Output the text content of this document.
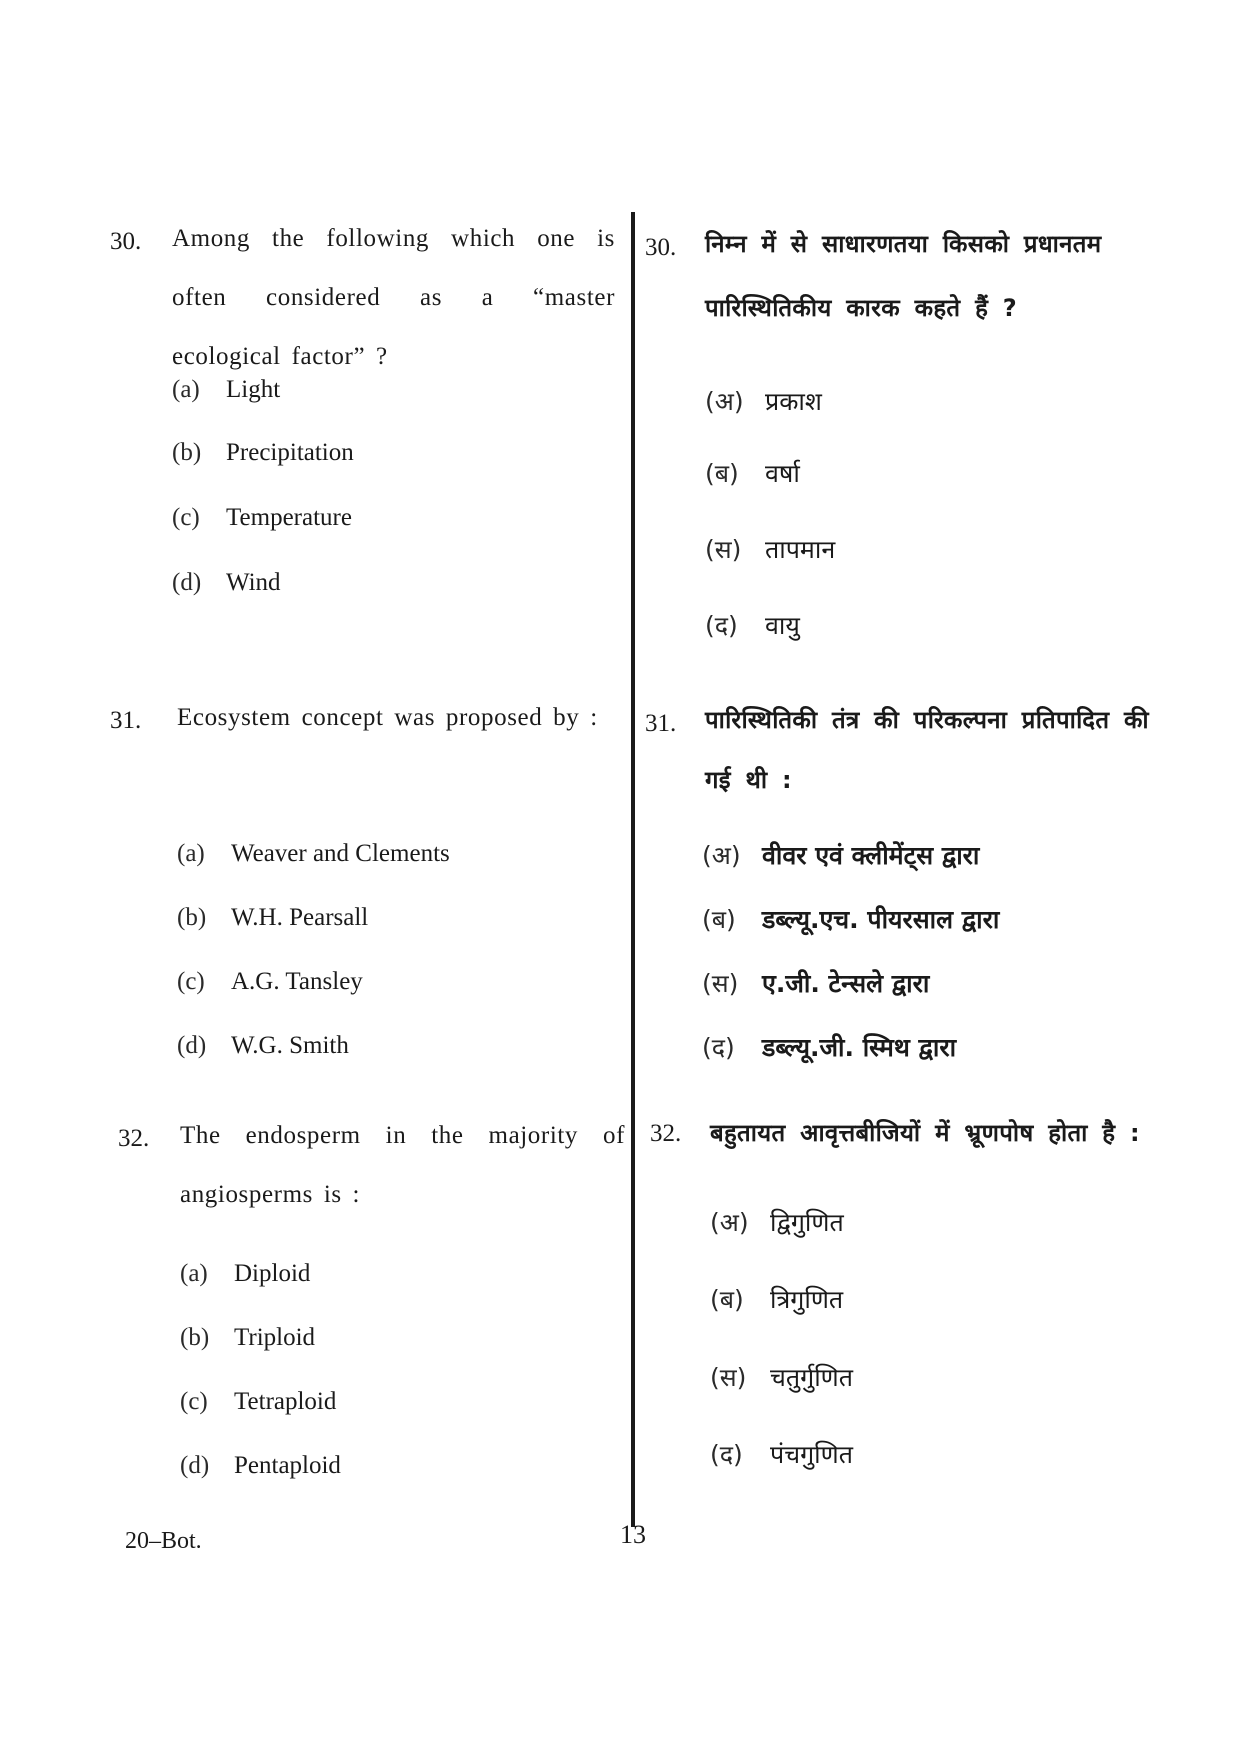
30. Among the following which one is often considered as a “master ecological factor” ?
(a) Light
(b) Precipitation
(c) Temperature
(d) Wind
31. Ecosystem concept was proposed by :
(a) Weaver and Clements
(b) W.H. Pearsall
(c) A.G. Tansley
(d) W.G. Smith
32. The endosperm in the majority of angiosperms is :
(a) Diploid
(b) Triploid
(c) Tetraploid
(d) Pentaploid
30. निम्न में से साधारणतया किसको प्रधानतम पारिस्थितिकीय कारक कहते हैं ?
(अ) प्रकाश
(ब) वर्षा
(स) तापमान
(द) वायु
31. पारिस्थितिकी तंत्र की परिकल्पना प्रतिपादित की गई थी :
(अ) वीवर एवं क्लीमेंट्स द्वारा
(ब) डब्ल्यू.एच. पीयरसाल द्वारा
(स) ए.जी. टेन्सले द्वारा
(द) डब्ल्यू.जी. स्मिथ द्वारा
32. बहुतायत आवृत्तबीजियों में भ्रूणपोष होता है :
(अ) द्विगुणित
(ब) त्रिगुणित
(स) चतुर्गुणित
(द) पंचगुणित
20–Bot.	13
